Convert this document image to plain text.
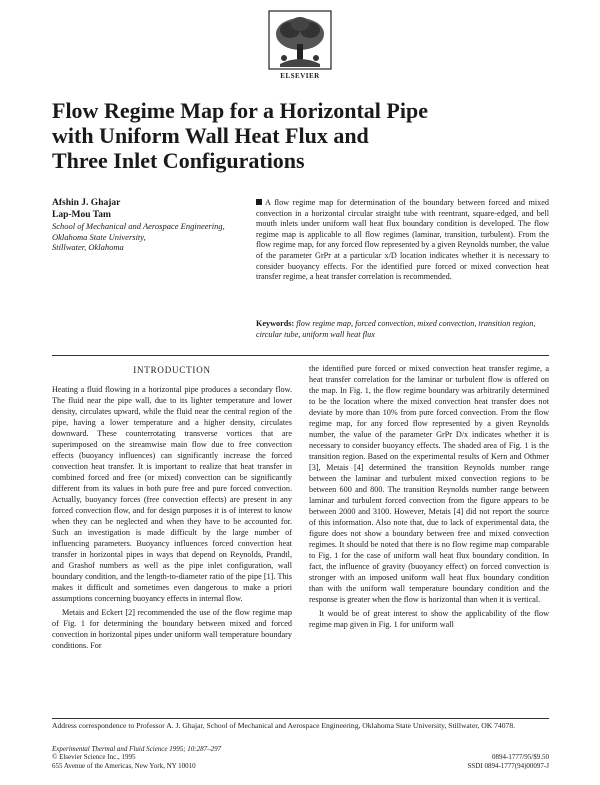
ELSEVIER
Flow Regime Map for a Horizontal Pipe
with Uniform Wall Heat Flux and
Three Inlet Configurations
Afshin J. Ghajar
Lap-Mou Tam
School of Mechanical and Aerospace Engineering,
Oklahoma State University,
Stillwater, Oklahoma

A flow regime map for determination of the boundary between forced and mixed convection in a horizontal circular straight tube with reentrant, square-edged, and bell mouth inlets under uniform wall heat flux boundary condition is developed. The flow regime map is applicable to all flow regimes (laminar, transition, turbulent). From the flow regime map, for any forced flow represented by a given Reynolds number, the value of the parameter GrPr at a particular x/D location indicates whether it is necessary to consider buoyancy effects. For the identified pure forced or mixed convection heat transfer regime, a heat transfer correlation is recommended.

Keywords: flow regime map, forced convection, mixed convection, transition region, circular tube, uniform wall heat flux

INTRODUCTION

Heating a fluid flowing in a horizontal pipe produces a secondary flow. The fluid near the pipe wall, due to its lighter temperature and lower density, circulates upward, while the fluid near the central region of the pipe, having a lower temperature and a higher density, circulates downward. These counterrotating transverse vortices that are superimposed on the streamwise main flow due to free convection effects (buoyancy influences) can significantly increase the forced convection heat transfer. It is important to realize that heat transfer in combined forced and free (or mixed) convection can be significantly different from its values in both pure free and pure forced convection. Actually, buoyancy forces (free convection effects) are present in any forced convection flow, and for design purposes it is of interest to know when they can be neglected and when they have to be accounted for. Such an investigation is made difficult by the large number of influencing parameters. Buoyancy influences forced convection heat transfer in horizontal pipes in ways that depend on Reynolds, Prandtl, and Grashof numbers as well as the pipe inlet configuration, wall boundary condition, and the length-to-diameter ratio of the pipe [1]. This makes it difficult and sometimes even dangerous to make a priori assumptions concerning buoyancy effects in internal flow.

Metais and Eckert [2] recommended the use of the flow regime map of Fig. 1 for determining the boundary between mixed and forced convection in horizontal pipes under uniform wall temperature boundary conditions. For

the identified pure forced or mixed convection heat transfer regime, a heat transfer correlation for the laminar or turbulent flow is offered on the map. In Fig. 1, the flow regime boundary was arbitrarily determined to be the location where the mixed convection heat transfer does not deviate by more than 10% from pure forced convection. From the flow regime map, for any forced flow represented by a given Reynolds number, the value of the parameter GrPr D/x indicates whether it is necessary to consider buoyancy effects. The shaded area of Fig. 1 is the transition region. Based on the experimental results of Kern and Othmer [3], Metais [4] determined the transition Reynolds number range between the laminar and turbulent mixed convection regions to be between 600 and 800. The transition Reynolds number range between laminar and turbulent forced convection from the figure appears to be between 2000 and 3100. However, Metais [4] did not report the source of this information. Also note that, due to lack of experimental data, the figure does not show a boundary between free and mixed convection regimes. It should be noted that there is no flow regime map comparable to Fig. 1 for the case of uniform wall heat flux boundary condition. In fact, the influence of gravity (buoyancy effect) on forced convection is stronger with an imposed uniform wall heat flux boundary condition than with the uniform wall temperature boundary condition and the response is greater when the flow is horizontal than when it is vertical.

It would be of great interest to show the applicability of the flow regime map given in Fig. 1 for uniform wall

Address correspondence to Professor A. J. Ghajar, School of Mechanical and Aerospace Engineering, Oklahoma State University, Stillwater, OK 74078.
Experimental Thermal and Fluid Science 1995; 10:287–297
© Elsevier Science Inc., 1995
655 Avenue of the Americas, New York, NY 10010
0894-1777/95/$9.50
SSDI 0894-1777(94)00097-J
